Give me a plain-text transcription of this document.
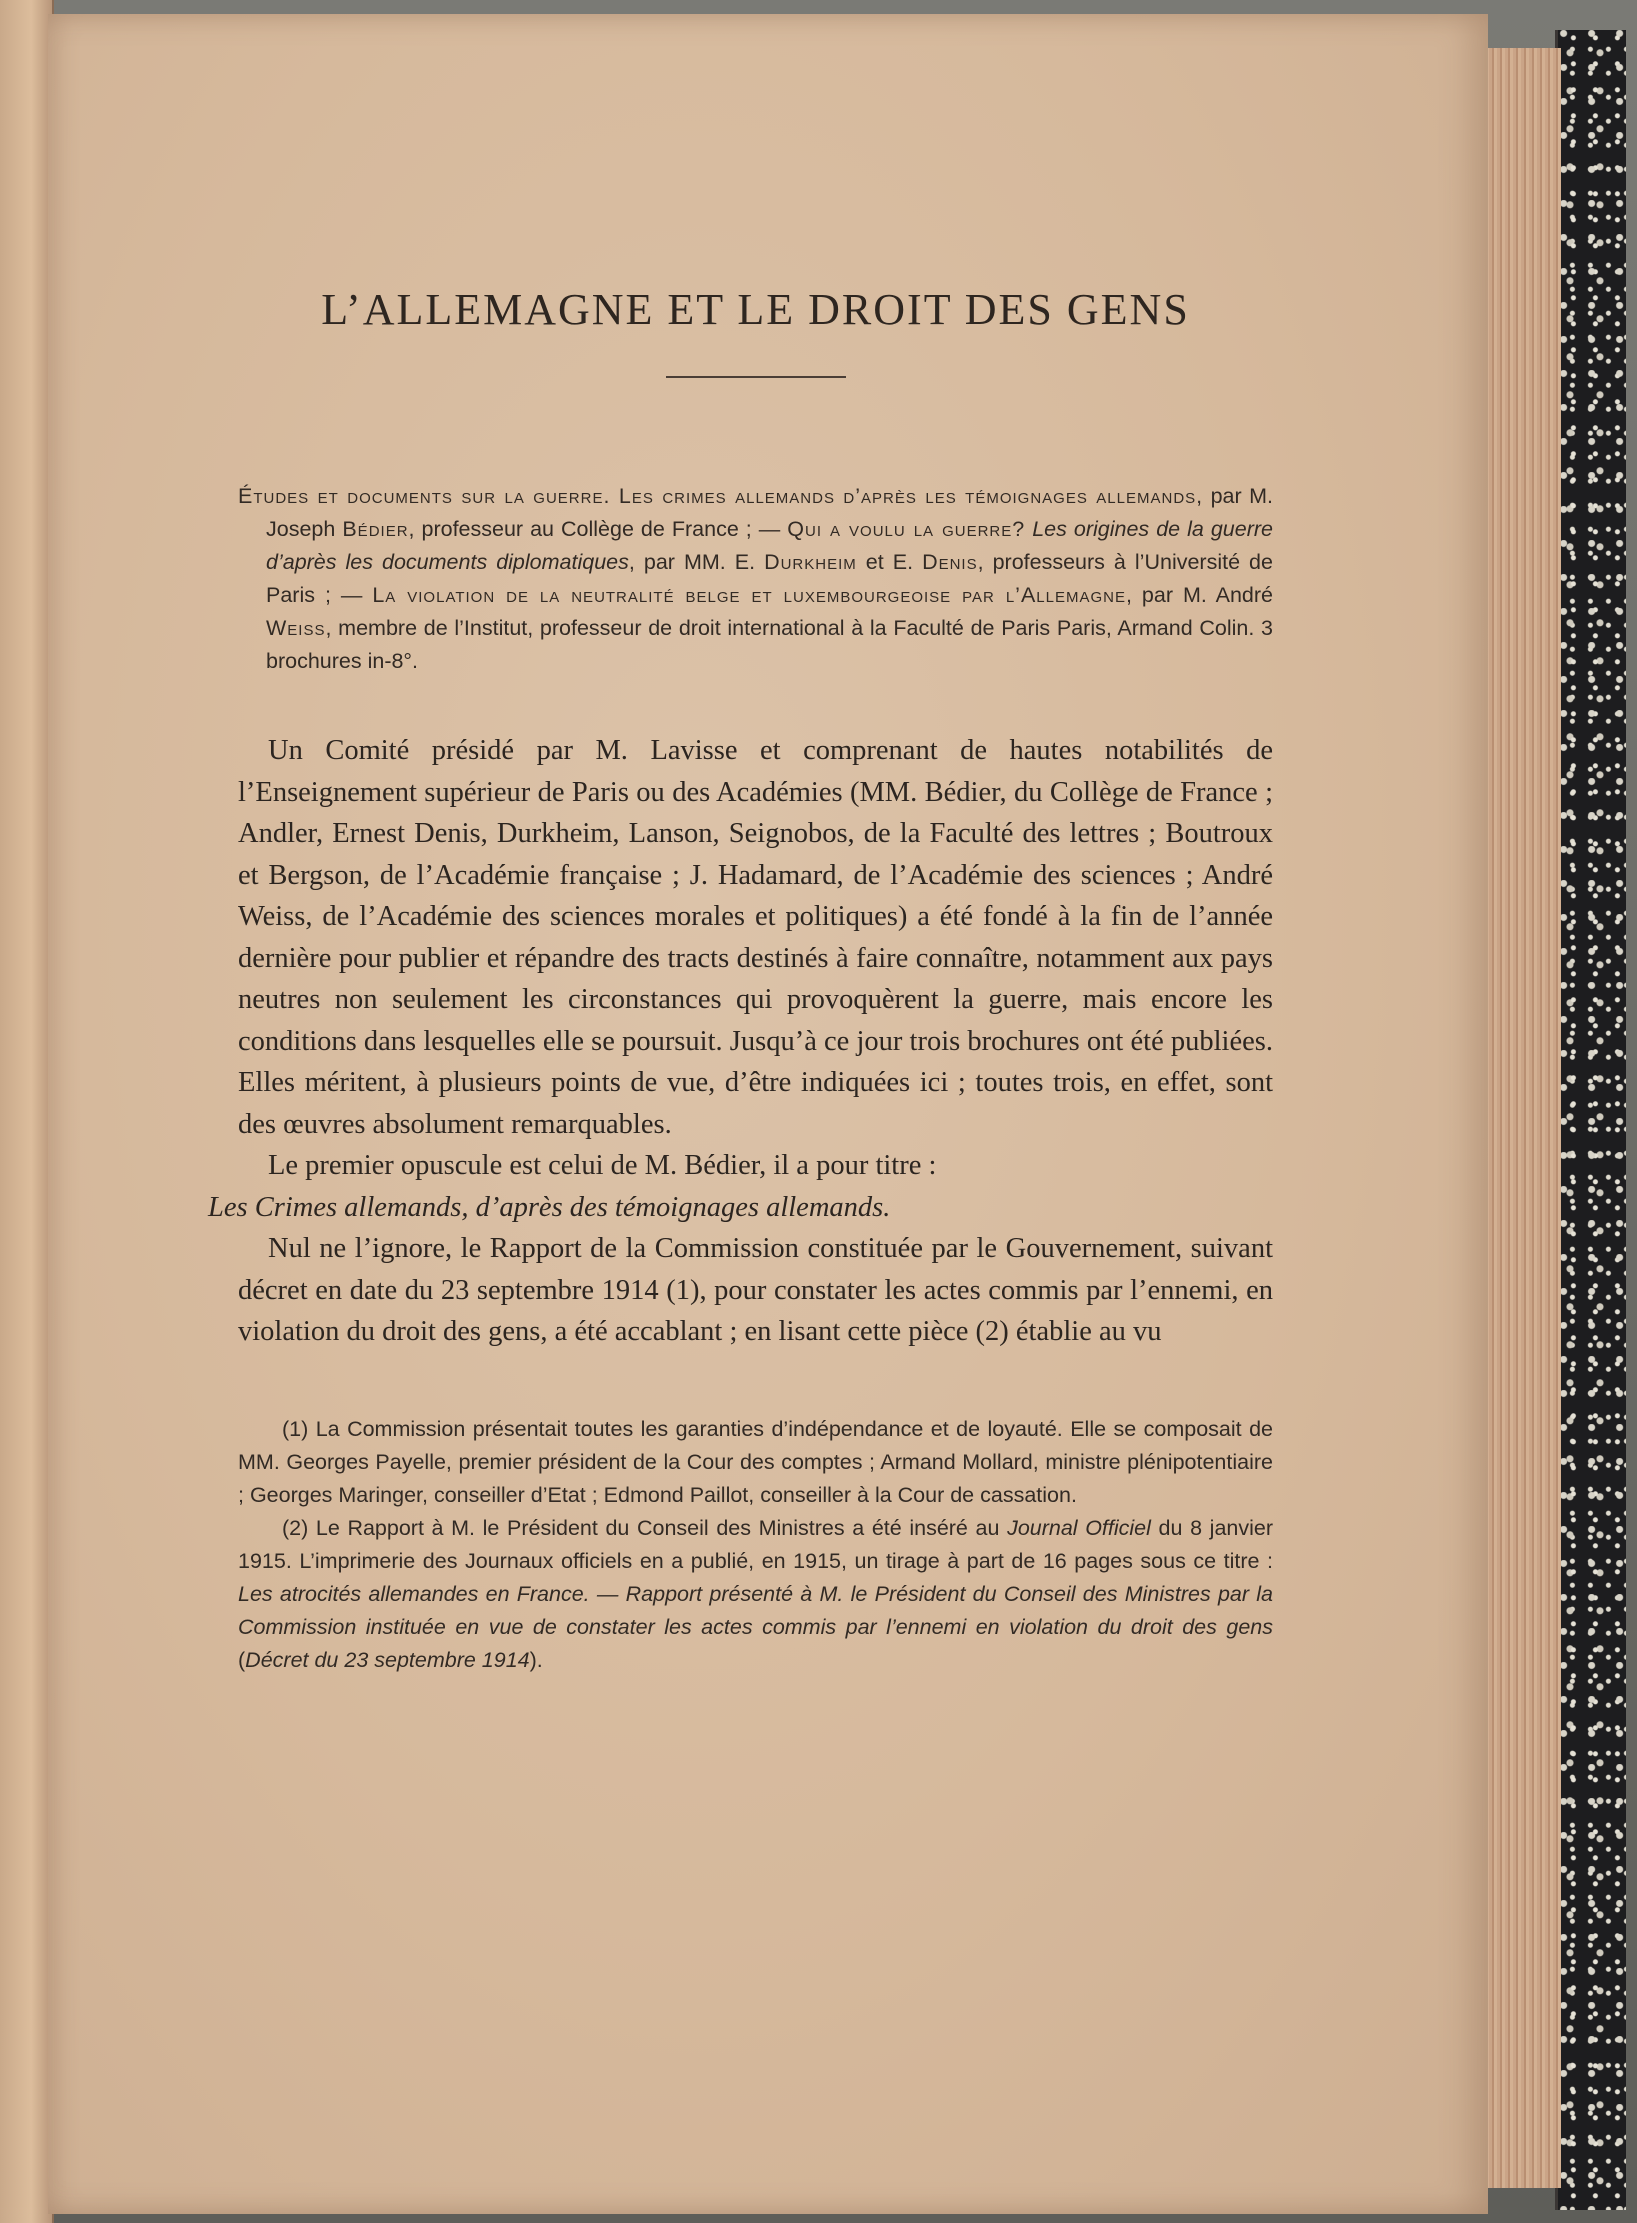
L’ALLEMAGNE ET LE DROIT DES GENS
Études et documents sur la guerre. Les crimes allemands d’après les témoignages allemands, par M. Joseph Bédier, professeur au Collège de France ; — Qui a voulu la guerre? Les origines de la guerre d’après les documents diplomatiques, par MM. E. Durkheim et E. Denis, professeurs à l’Université de Paris ; — La violation de la neutralité belge et luxembourgeoise par l’Allemagne, par M. André Weiss, membre de l’Institut, professeur de droit international à la Faculté de Paris Paris, Armand Colin. 3 brochures in-8°.

Un Comité présidé par M. Lavisse et comprenant de hautes notabilités de l’Enseignement supérieur de Paris ou des Académies (MM. Bédier, du Collège de France ; Andler, Ernest Denis, Durkheim, Lanson, Seignobos, de la Faculté des lettres ; Boutroux et Bergson, de l’Académie française ; J. Hadamard, de l’Académie des sciences ; André Weiss, de l’Académie des sciences morales et politiques) a été fondé à la fin de l’année dernière pour publier et répandre des tracts destinés à faire connaître, notamment aux pays neutres non seulement les circonstances qui provoquèrent la guerre, mais encore les conditions dans lesquelles elle se poursuit. Jusqu’à ce jour trois brochures ont été publiées. Elles méritent, à plusieurs points de vue, d’être indiquées ici ; toutes trois, en effet, sont des œuvres absolument remarquables.

Le premier opuscule est celui de M. Bédier, il a pour titre :
Les Crimes allemands, d’après des témoignages allemands.

Nul ne l’ignore, le Rapport de la Commission constituée par le Gouvernement, suivant décret en date du 23 septembre 1914 (1), pour constater les actes commis par l’ennemi, en violation du droit des gens, a été accablant ; en lisant cette pièce (2) établie au vu

(1) La Commission présentait toutes les garanties d’indépendance et de loyauté. Elle se composait de MM. Georges Payelle, premier président de la Cour des comptes ; Armand Mollard, ministre plénipotentiaire ; Georges Maringer, conseiller d’Etat ; Edmond Paillot, conseiller à la Cour de cassation.

(2) Le Rapport à M. le Président du Conseil des Ministres a été inséré au Journal Officiel du 8 janvier 1915. L’imprimerie des Journaux officiels en a publié, en 1915, un tirage à part de 16 pages sous ce titre : Les atrocités allemandes en France. — Rapport présenté à M. le Président du Conseil des Ministres par la Commission instituée en vue de constater les actes commis par l’ennemi en violation du droit des gens (Décret du 23 septembre 1914).
